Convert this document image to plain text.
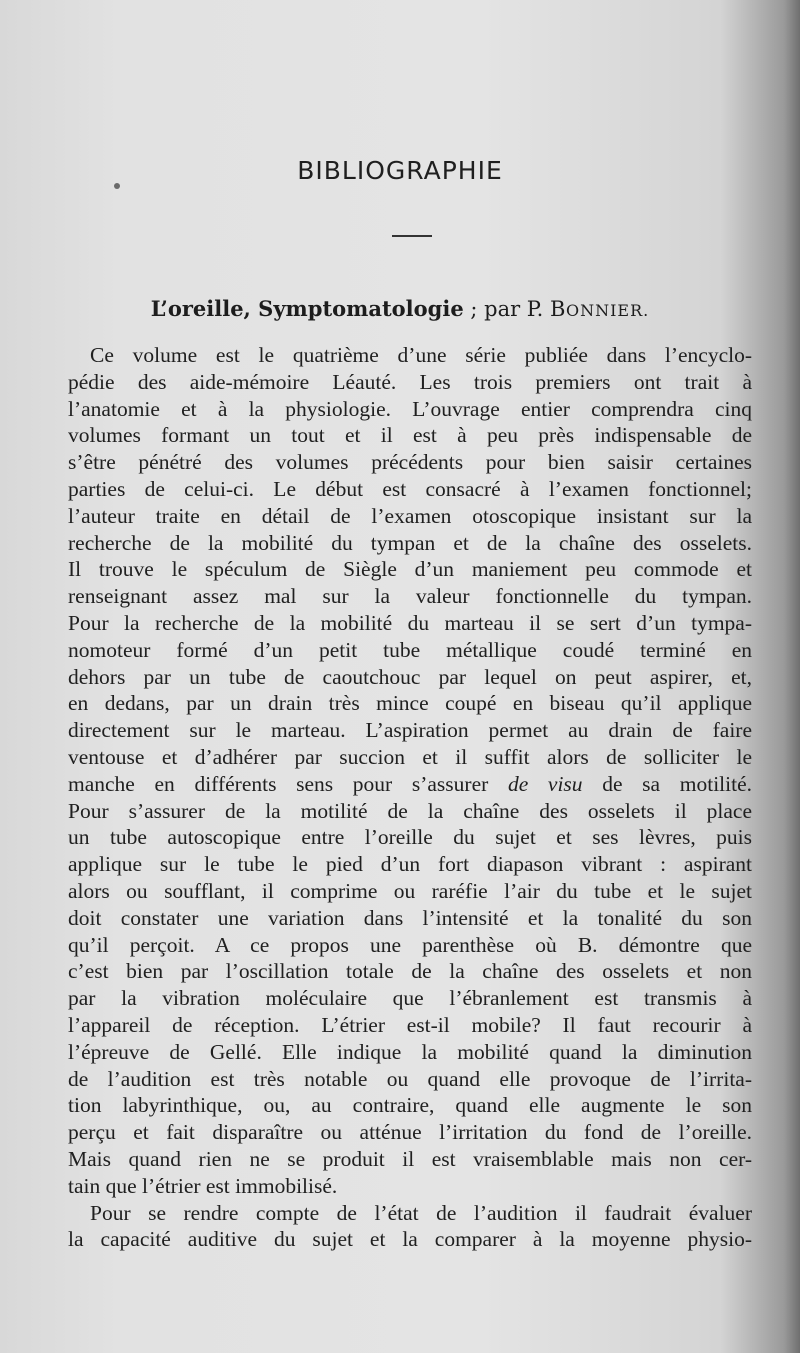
BIBLIOGRAPHIE
L’oreille, Symptomatologie ; par P. BONNIER.
Ce volume est le quatrième d’une série publiée dans l’encyclo-
pédie des aide-mémoire Léauté. Les trois premiers ont trait à
l’anatomie et à la physiologie. L’ouvrage entier comprendra cinq
volumes formant un tout et il est à peu près indispensable de
s’être pénétré des volumes précédents pour bien saisir certaines
parties de celui-ci. Le début est consacré à l’examen fonctionnel;
l’auteur traite en détail de l’examen otoscopique insistant sur la
recherche de la mobilité du tympan et de la chaîne des osselets.
Il trouve le spéculum de Siègle d’un maniement peu commode et
renseignant assez mal sur la valeur fonctionnelle du tympan.
Pour la recherche de la mobilité du marteau il se sert d’un tympa-
nomoteur formé d’un petit tube métallique coudé terminé en
dehors par un tube de caoutchouc par lequel on peut aspirer, et,
en dedans, par un drain très mince coupé en biseau qu’il applique
directement sur le marteau. L’aspiration permet au drain de faire
ventouse et d’adhérer par succion et il suffit alors de solliciter le
manche en différents sens pour s’assurer de visu de sa motilité.
Pour s’assurer de la motilité de la chaîne des osselets il place
un tube autoscopique entre l’oreille du sujet et ses lèvres, puis
applique sur le tube le pied d’un fort diapason vibrant : aspirant
alors ou soufflant, il comprime ou raréfie l’air du tube et le sujet
doit constater une variation dans l’intensité et la tonalité du son
qu’il perçoit. A ce propos une parenthèse où B. démontre que
c’est bien par l’oscillation totale de la chaîne des osselets et non
par la vibration moléculaire que l’ébranlement est transmis à
l’appareil de réception. L’étrier est-il mobile? Il faut recourir à
l’épreuve de Gellé. Elle indique la mobilité quand la diminution
de l’audition est très notable ou quand elle provoque de l’irrita-
tion labyrinthique, ou, au contraire, quand elle augmente le son
perçu et fait disparaître ou atténue l’irritation du fond de l’oreille.
Mais quand rien ne se produit il est vraisemblable mais non cer-
tain que l’étrier est immobilisé.
Pour se rendre compte de l’état de l’audition il faudrait évaluer
la capacité auditive du sujet et la comparer à la moyenne physio-
